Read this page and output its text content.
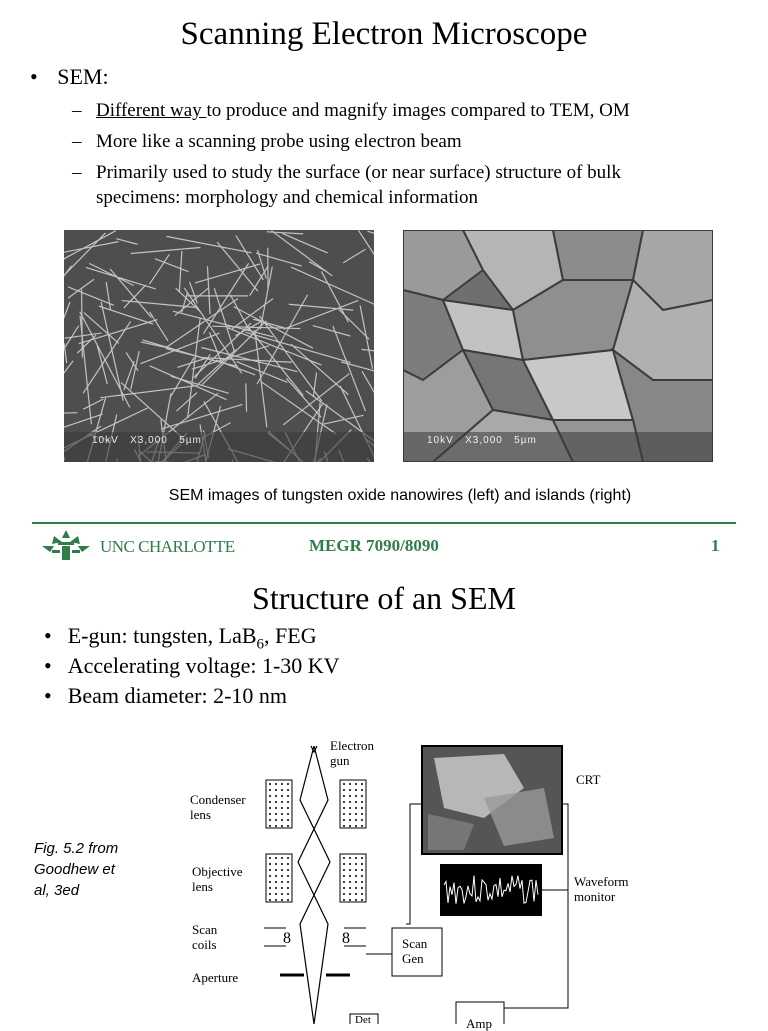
Scanning Electron Microscope
• SEM:
– Different way to produce and magnify images compared to TEM, OM
– More like a scanning probe using electron beam
– Primarily used to study the surface (or near surface) structure of bulk
specimens: morphology and chemical information
10kV   X3,000   5µm	10kV   X3,000   5µm
SEM images of tungsten oxide nanowires (left) and islands (right)
UNC CHARLOTTE	MEGR 7090/8090	1
Structure of an SEM
• E-gun: tungsten, LaB$_6$, FEG
• Accelerating voltage: 1-30 KV
• Beam diameter: 2-10 nm
Fig. 5.2 from
Goodhew et
al, 3ed
8	8
Electron
gun
Condenser
lens
Objective
lens
Scan
coils
Aperture
CRT
Waveform
monitor
Scan
Gen
Det	Amp
